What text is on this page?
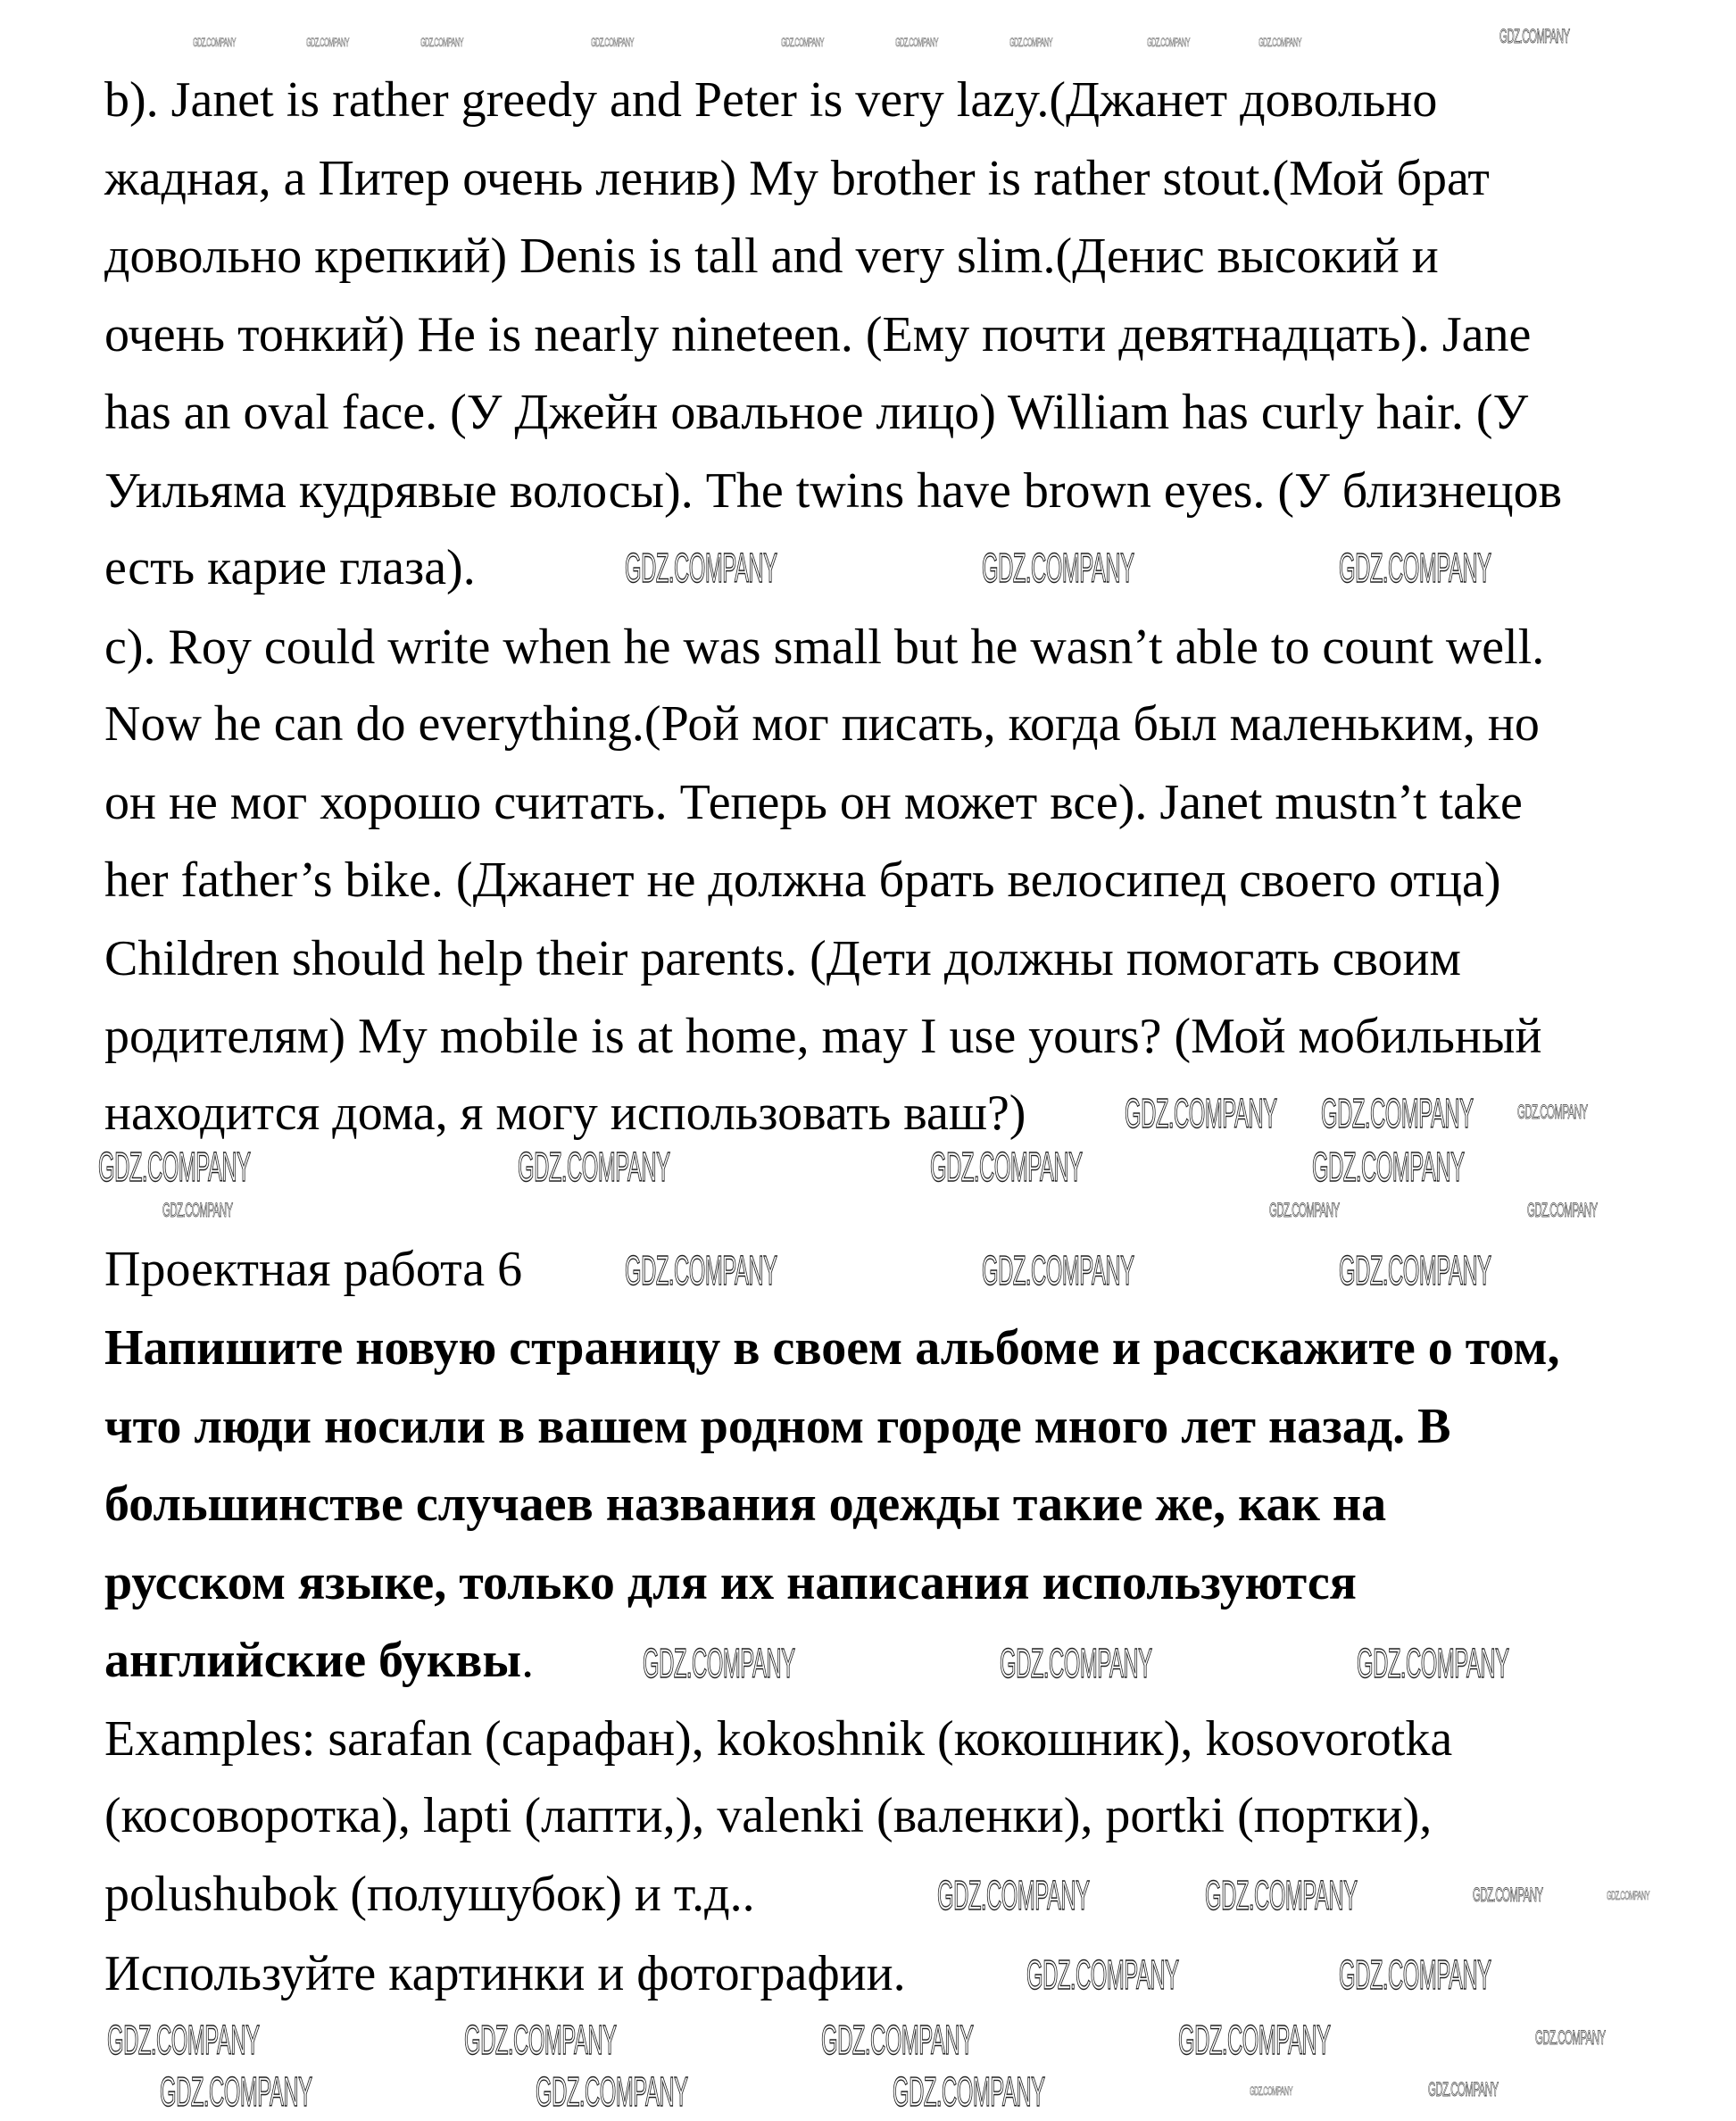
b). Janet is rather greedy and Peter is very lazy.(Джанет довольно
жадная, а Питер очень ленив) My brother is rather stout.(Мой брат
довольно крепкий) Denis is tall and very slim.(Денис высокий и
очень тонкий) He is nearly nineteen. (Ему почти девятнадцать). Jane
has an oval face. (У Джейн овальное лицо) William has curly hair. (У
Уильяма кудрявые волосы). The twins have brown eyes. (У близнецов
есть карие глаза).
c). Roy could write when he was small but he wasn’t able to count well.
Now he can do everything.(Рой мог писать, когда был маленьким, но
он не мог хорошо считать. Теперь он может все). Janet mustn’t take
her father’s bike. (Джанет не должна брать велосипед своего отца)
Children should help their parents. (Дети должны помогать своим
родителям) My mobile is at home, may I use yours? (Мой мобильный
находится дома, я могу использовать ваш?)
Проектная работа 6
Напишите новую страницу в своем альбоме и расскажите о том,
что люди носили в вашем родном городе много лет назад. В
большинстве случаев названия одежды такие же, как на
русском языке, только для их написания используются
английские буквы.
Examples: sarafan (сарафан), kokoshnik (кокошник), kosovorotka
(косоворотка), lapti (лапти,), valenki (валенки), portki (портки),
polushubok (полушубок) и т.д..
Используйте картинки и фотографии.
GDZ.COMPANY	GDZ.COMPANY	GDZ.COMPANY	GDZ.COMPANY	GDZ.COMPANY	GDZ.COMPANY	GDZ.COMPANY	GDZ.COMPANY	GDZ.COMPANY	GDZ.COMPANY
GDZ.COMPANY	GDZ.COMPANY	GDZ.COMPANY
GDZ.COMPANY GDZ.COMPANY GDZ.COMPANY
GDZ.COMPANY	GDZ.COMPANY	GDZ.COMPANY	GDZ.COMPANY
GDZ.COMPANY	GDZ.COMPANY	GDZ.COMPANY
GDZ.COMPANY	GDZ.COMPANY	GDZ.COMPANY
GDZ.COMPANY	GDZ.COMPANY	GDZ.COMPANY
GDZ.COMPANY	GDZ.COMPANY	GDZ.COMPANY	GDZ.COMPANY
GDZ.COMPANY	GDZ.COMPANY
GDZ.COMPANY	GDZ.COMPANY	GDZ.COMPANY	GDZ.COMPANY	GDZ.COMPANY
GDZ.COMPANY	GDZ.COMPANY	GDZ.COMPANY	GDZ.COMPANY	GDZ.COMPANY
